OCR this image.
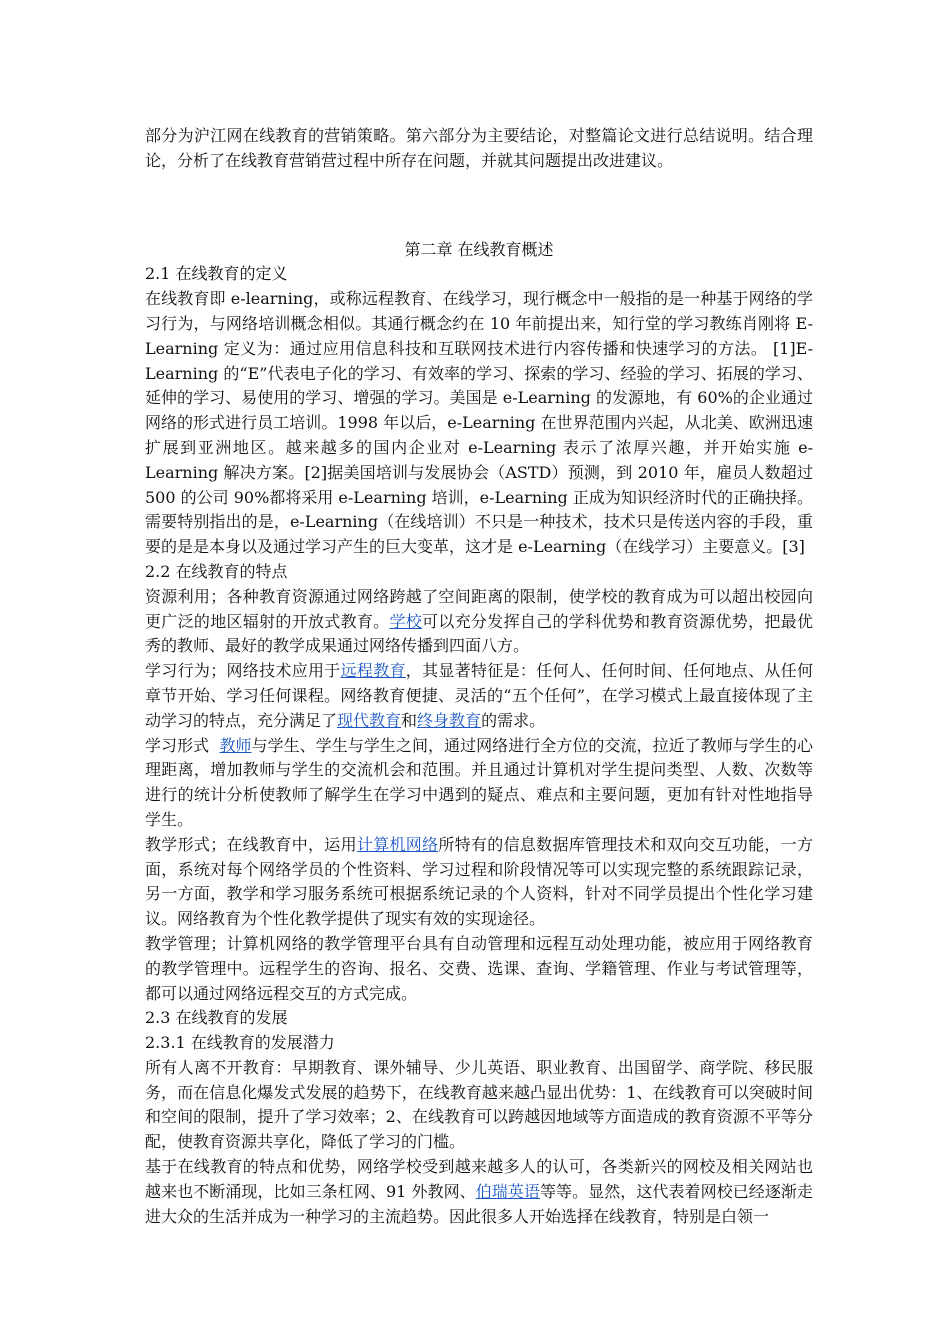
部分为沪江网在线教育的营销策略。第六部分为主要结论，对整篇论文进行总结说明。结合理论，分析了在线教育营销营过程中所存在问题，并就其问题提出改进建议。

第二章 在线教育概述

2.1 在线教育的定义

在线教育即 e-learning，或称远程教育、在线学习，现行概念中一般指的是一种基于网络的学习行为，与网络培训概念相似。其通行概念约在 10 年前提出来，知行堂的学习教练肖刚将 E-Learning 定义为：通过应用信息科技和互联网技术进行内容传播和快速学习的方法。 [1]E-Learning 的“E”代表电子化的学习、有效率的学习、探索的学习、经验的学习、拓展的学习、延伸的学习、易使用的学习、增强的学习。美国是 e-Learning 的发源地，有 60%的企业通过网络的形式进行员工培训。1998 年以后，e-Learning 在世界范围内兴起，从北美、欧洲迅速扩展到亚洲地区。越来越多的国内企业对 e-Learning 表示了浓厚兴趣，并开始实施 e-Learning 解决方案。[2]据美国培训与发展协会（ASTD）预测，到 2010 年，雇员人数超过 500 的公司 90%都将采用 e-Learning 培训，e-Learning 正成为知识经济时代的正确抉择。 需要特别指出的是，e-Learning（在线培训）不只是一种技术，技术只是传送内容的手段，重要的是是本身以及通过学习产生的巨大变革，这才是 e-Learning（在线学习）主要意义。[3]

2.2 在线教育的特点

资源利用；各种教育资源通过网络跨越了空间距离的限制，使学校的教育成为可以超出校园向更广泛的地区辐射的开放式教育。学校可以充分发挥自己的学科优势和教育资源优势，把最优秀的教师、最好的教学成果通过网络传播到四面八方。

学习行为；网络技术应用于远程教育，其显著特征是：任何人、任何时间、任何地点、从任何章节开始、学习任何课程。网络教育便捷、灵活的“五个任何”，在学习模式上最直接体现了主动学习的特点，充分满足了现代教育和终身教育的需求。

学习形式  教师与学生、学生与学生之间，通过网络进行全方位的交流，拉近了教师与学生的心理距离，增加教师与学生的交流机会和范围。并且通过计算机对学生提问类型、人数、次数等进行的统计分析使教师了解学生在学习中遇到的疑点、难点和主要问题，更加有针对性地指导学生。

教学形式；在线教育中，运用计算机网络所特有的信息数据库管理技术和双向交互功能，一方面，系统对每个网络学员的个性资料、学习过程和阶段情况等可以实现完整的系统跟踪记录，另一方面，教学和学习服务系统可根据系统记录的个人资料，针对不同学员提出个性化学习建议。网络教育为个性化教学提供了现实有效的实现途径。

教学管理；计算机网络的教学管理平台具有自动管理和远程互动处理功能，被应用于网络教育的教学管理中。远程学生的咨询、报名、交费、选课、查询、学籍管理、作业与考试管理等，都可以通过网络远程交互的方式完成。

2.3 在线教育的发展

2.3.1 在线教育的发展潜力

所有人离不开教育：早期教育、课外辅导、少儿英语、职业教育、出国留学、商学院、移民服务，而在信息化爆发式发展的趋势下，在线教育越来越凸显出优势：1、在线教育可以突破时间和空间的限制，提升了学习效率；2、在线教育可以跨越因地域等方面造成的教育资源不平等分配，使教育资源共享化，降低了学习的门槛。

基于在线教育的特点和优势，网络学校受到越来越多人的认可，各类新兴的网校及相关网站也越来也不断涌现，比如三条杠网、91 外教网、伯瑞英语等等。显然，这代表着网校已经逐渐走进大众的生活并成为一种学习的主流趋势。因此很多人开始选择在线教育，特别是白领一
